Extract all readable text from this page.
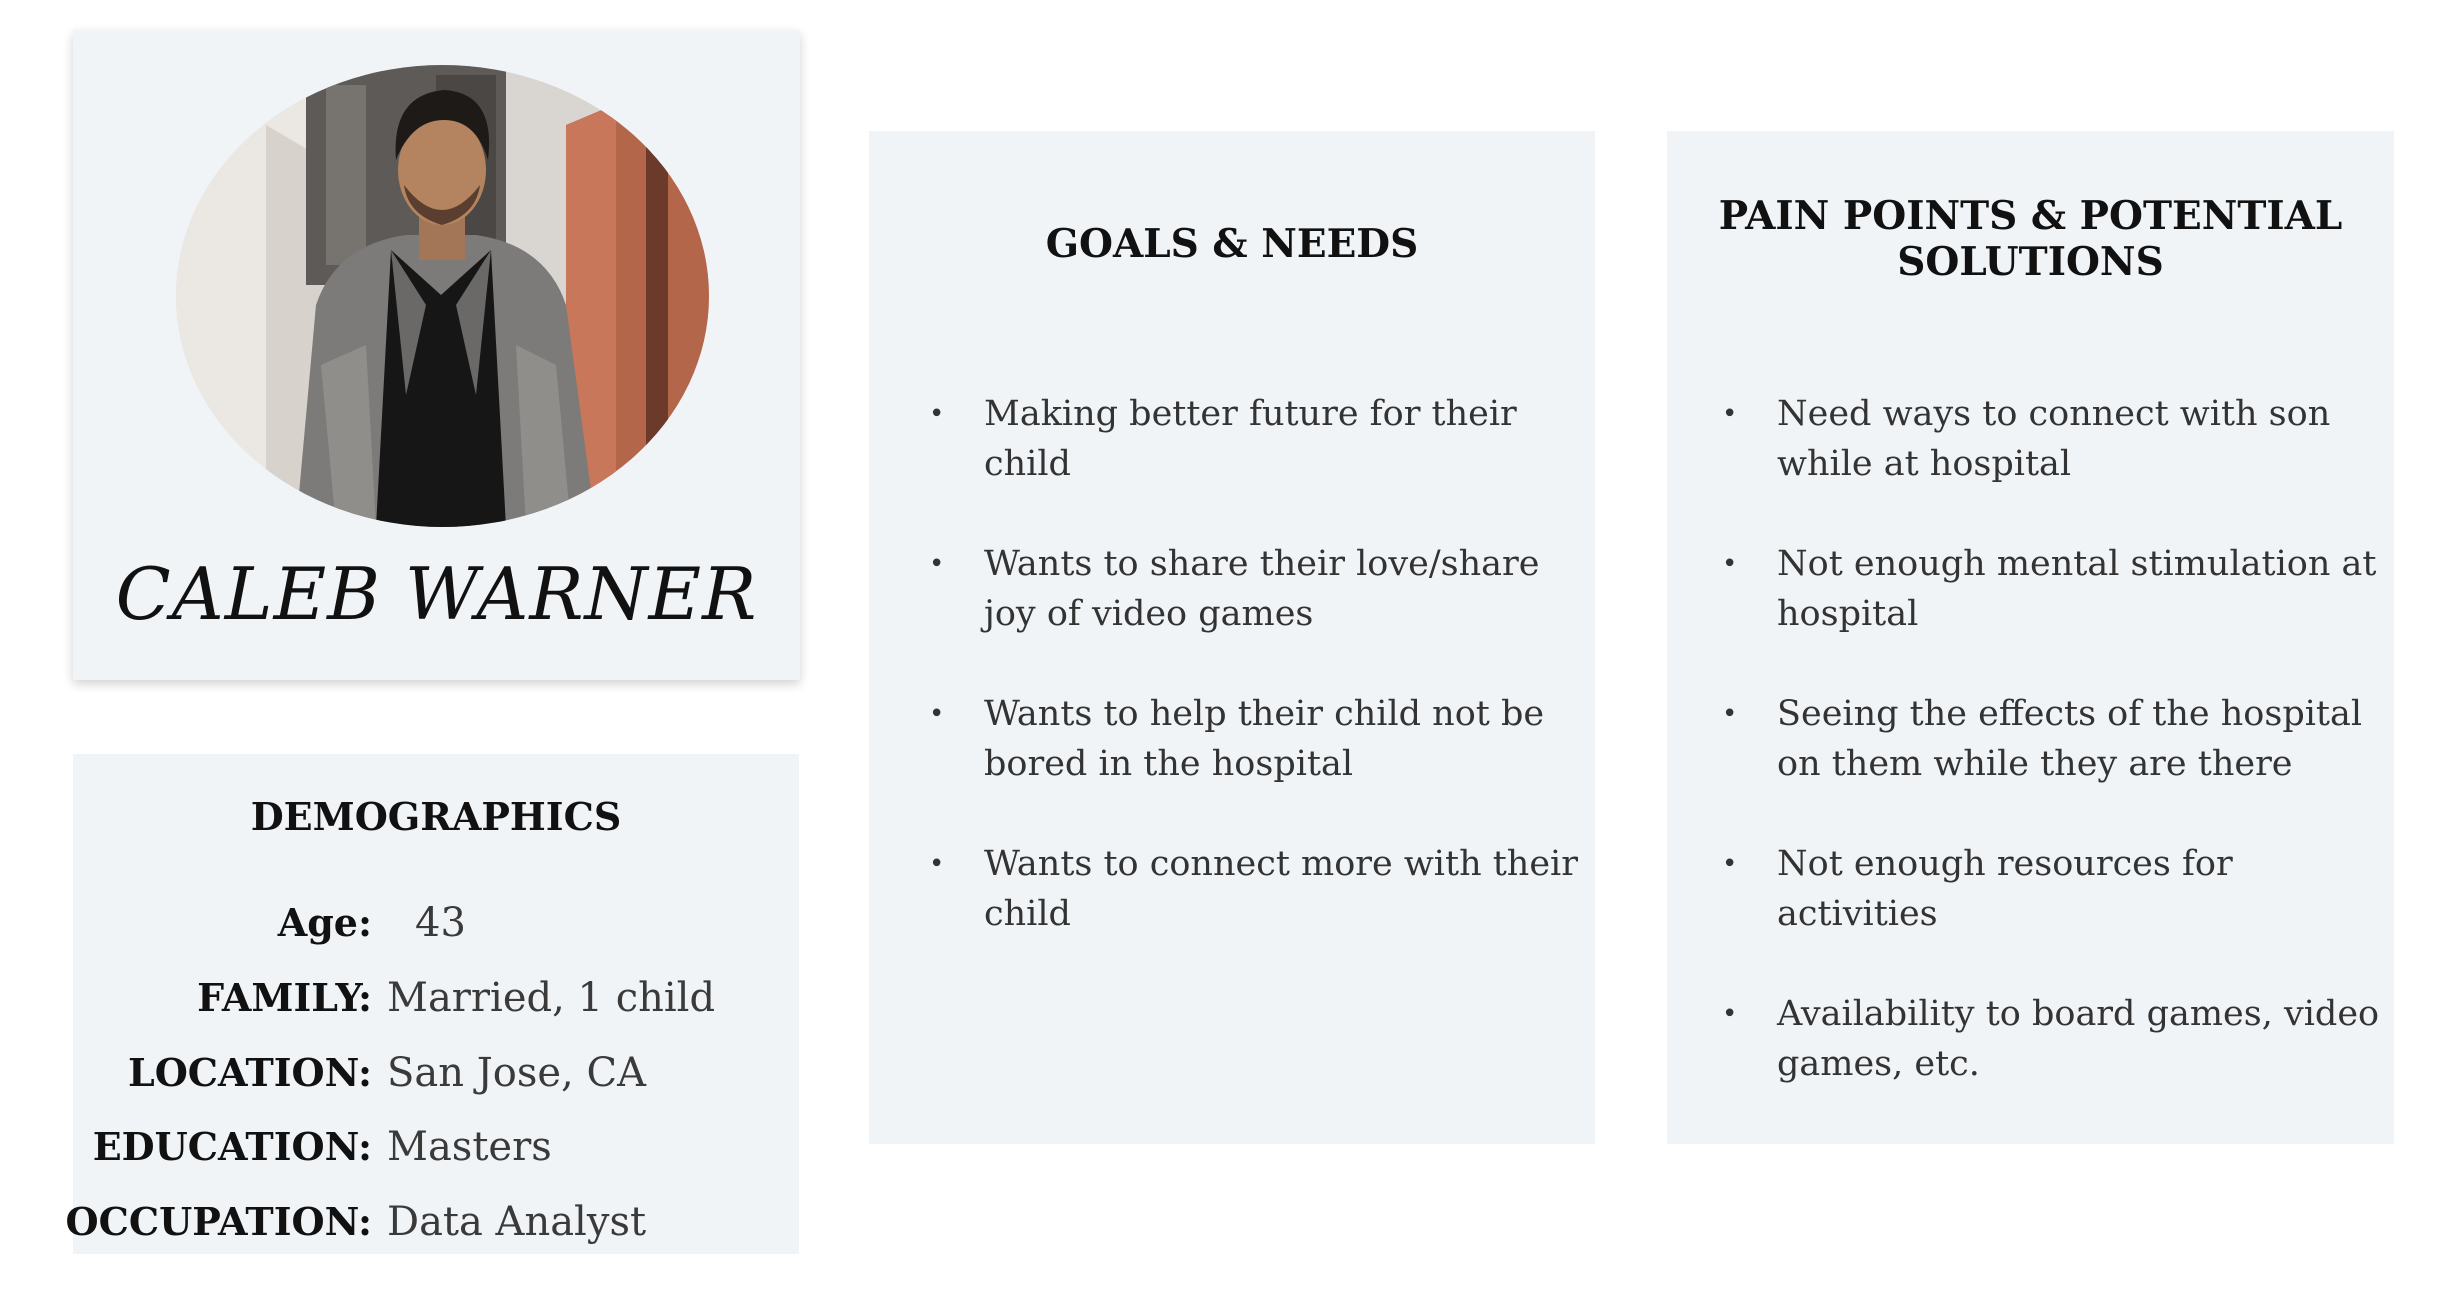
CALEB WARNER
DEMOGRAPHICS
Age: 43
FAMILY: Married, 1 child
LOCATION: San Jose, CA
EDUCATION: Masters
OCCUPATION: Data Analyst
GOALS & NEEDS
• Making better future for their child
• Wants to share their love/share joy of video games
• Wants to help their child not be bored in the hospital
• Wants to connect more with their child
PAIN POINTS & POTENTIAL
SOLUTIONS
• Need ways to connect with son while at hospital
• Not enough mental stimulation at hospital
• Seeing the effects of the hospital on them while they are there
• Not enough resources for activities
• Availability to board games, video games, etc.
